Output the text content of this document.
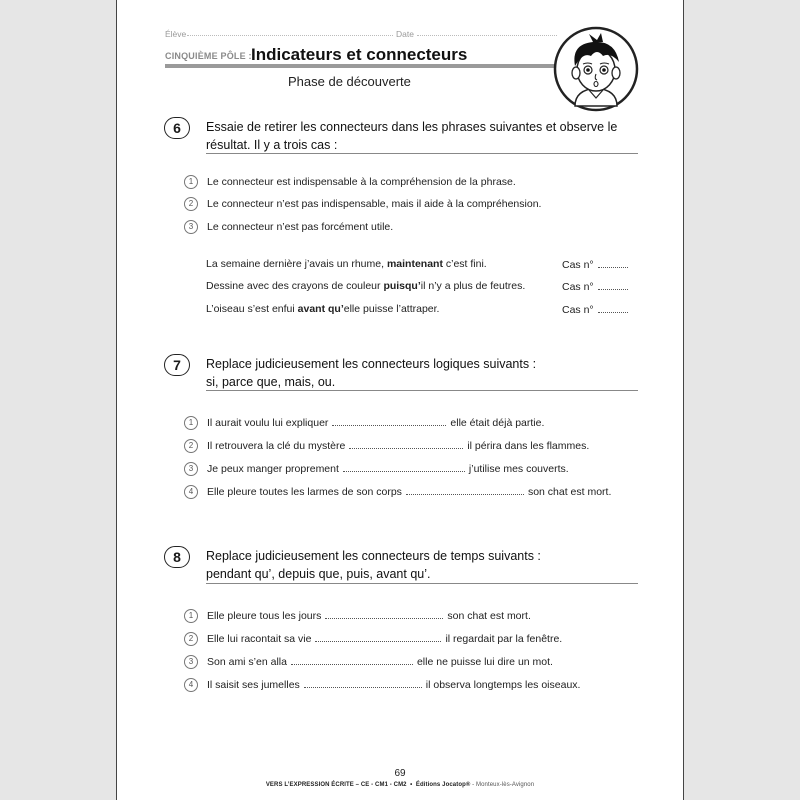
Élève	Date
CINQUIÈME PÔLE : Indicateurs et connecteurs
Phase de découverte
6	Essaie de retirer les connecteurs dans les phrases suivantes et observe le
résultat. Il y a trois cas :
1 Le connecteur est indispensable à la compréhension de la phrase.
2 Le connecteur n’est pas indispensable, mais il aide à la compréhension.
3 Le connecteur n’est pas forcément utile.
La semaine dernière j’avais un rhume, maintenant c’est fini.	Cas n°
Dessine avec des crayons de couleur puisqu’il n’y a plus de feutres.	Cas n°
L’oiseau s’est enfui avant qu’elle puisse l’attraper.	Cas n°
7	Replace judicieusement les connecteurs logiques suivants :
si, parce que, mais, ou.
1 Il aurait voulu lui expliquer	elle était déjà partie.
2 Il retrouvera la clé du mystère	il périra dans les flammes.
3 Je peux manger proprement	j’utilise mes couverts.
4 Elle pleure toutes les larmes de son corps	son chat est mort.
8	Replace judicieusement les connecteurs de temps suivants :
pendant qu’, depuis que, puis, avant qu’.
1 Elle pleure tous les jours	son chat est mort.
2 Elle lui racontait sa vie	il regardait par la fenêtre.
3 Son ami s’en alla	elle ne puisse lui dire un mot.
4 Il saisit ses jumelles	il observa longtemps les oiseaux.
69
VERS L’EXPRESSION ÉCRITE – CE - CM1 - CM2 • Éditions Jocatop® - Monteux-lès-Avignon
